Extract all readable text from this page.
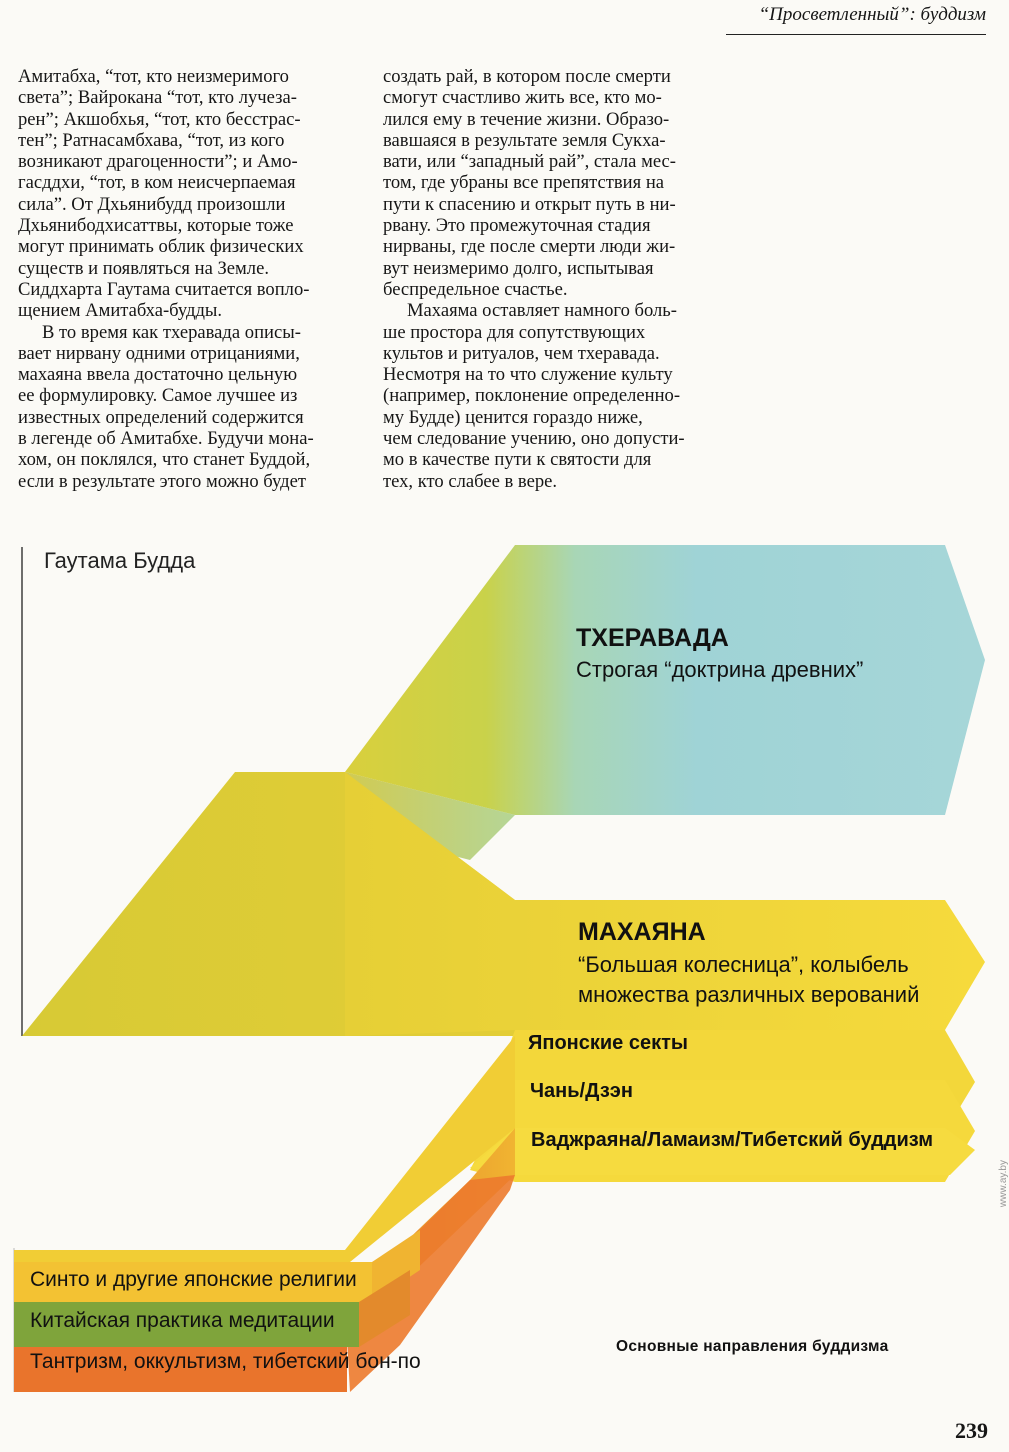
“Просветленный”: буддизм

Амитабха, “тот, кто неизмеримого

света”; Вайрокана “тот, кто лучеза-

рен”; Акшобхья, “тот, кто бесстрас-

тен”; Ратнасамбхава, “тот, из кого

возникают драгоценности”; и Амо-

гасддхи, “тот, в ком неисчерпаемая

сила”. От Дхьянибудд произошли

Дхьянибодхисаттвы, которые тоже

могут принимать облик физических

существ и появляться на Земле.

Сиддхарта Гаутама считается вопло-

щением Амитабха-будды.

В то время как тхеравада описы-

вает нирвану одними отрицаниями,

махаяна ввела достаточно цельную

ее формулировку. Самое лучшее из

известных определений содержится

в легенде об Амитабхе. Будучи мона-

хом, он поклялся, что станет Буддой,

если в результате этого можно будет

создать рай, в котором после смерти

смогут счастливо жить все, кто мо-

лился ему в течение жизни. Образо-

вавшаяся в результате земля Сукха-

вати, или “западный рай”, стала мес-

том, где убраны все препятствия на

пути к спасению и открыт путь в ни-

рвану. Это промежуточная стадия

нирваны, где после смерти люди жи-

вут неизмеримо долго, испытывая

беспредельное счастье.

Махаяма оставляет намного боль-

ше простора для сопутствующих

культов и ритуалов, чем тхеравада.

Несмотря на то что служение культу

(например, поклонение определенно-

му Будде) ценится гораздо ниже,

чем следование учению, оно допусти-

мо в качестве пути к святости для

тех, кто слабее в вере.

Гаутама Будда
ТХЕРАВАДА
Строгая “доктрина древних”
МАХАЯНА
“Большая колесница”, колыбель
множества различных верований
Японские секты
Чань/Дзэн
Ваджраяна/Ламаизм/Тибетский буддизм
Синто и другие японские религии
Китайская практика медитации
Тантризм, оккультизм, тибетский бон-по
Основные направления буддизма
239
www.ay.by
